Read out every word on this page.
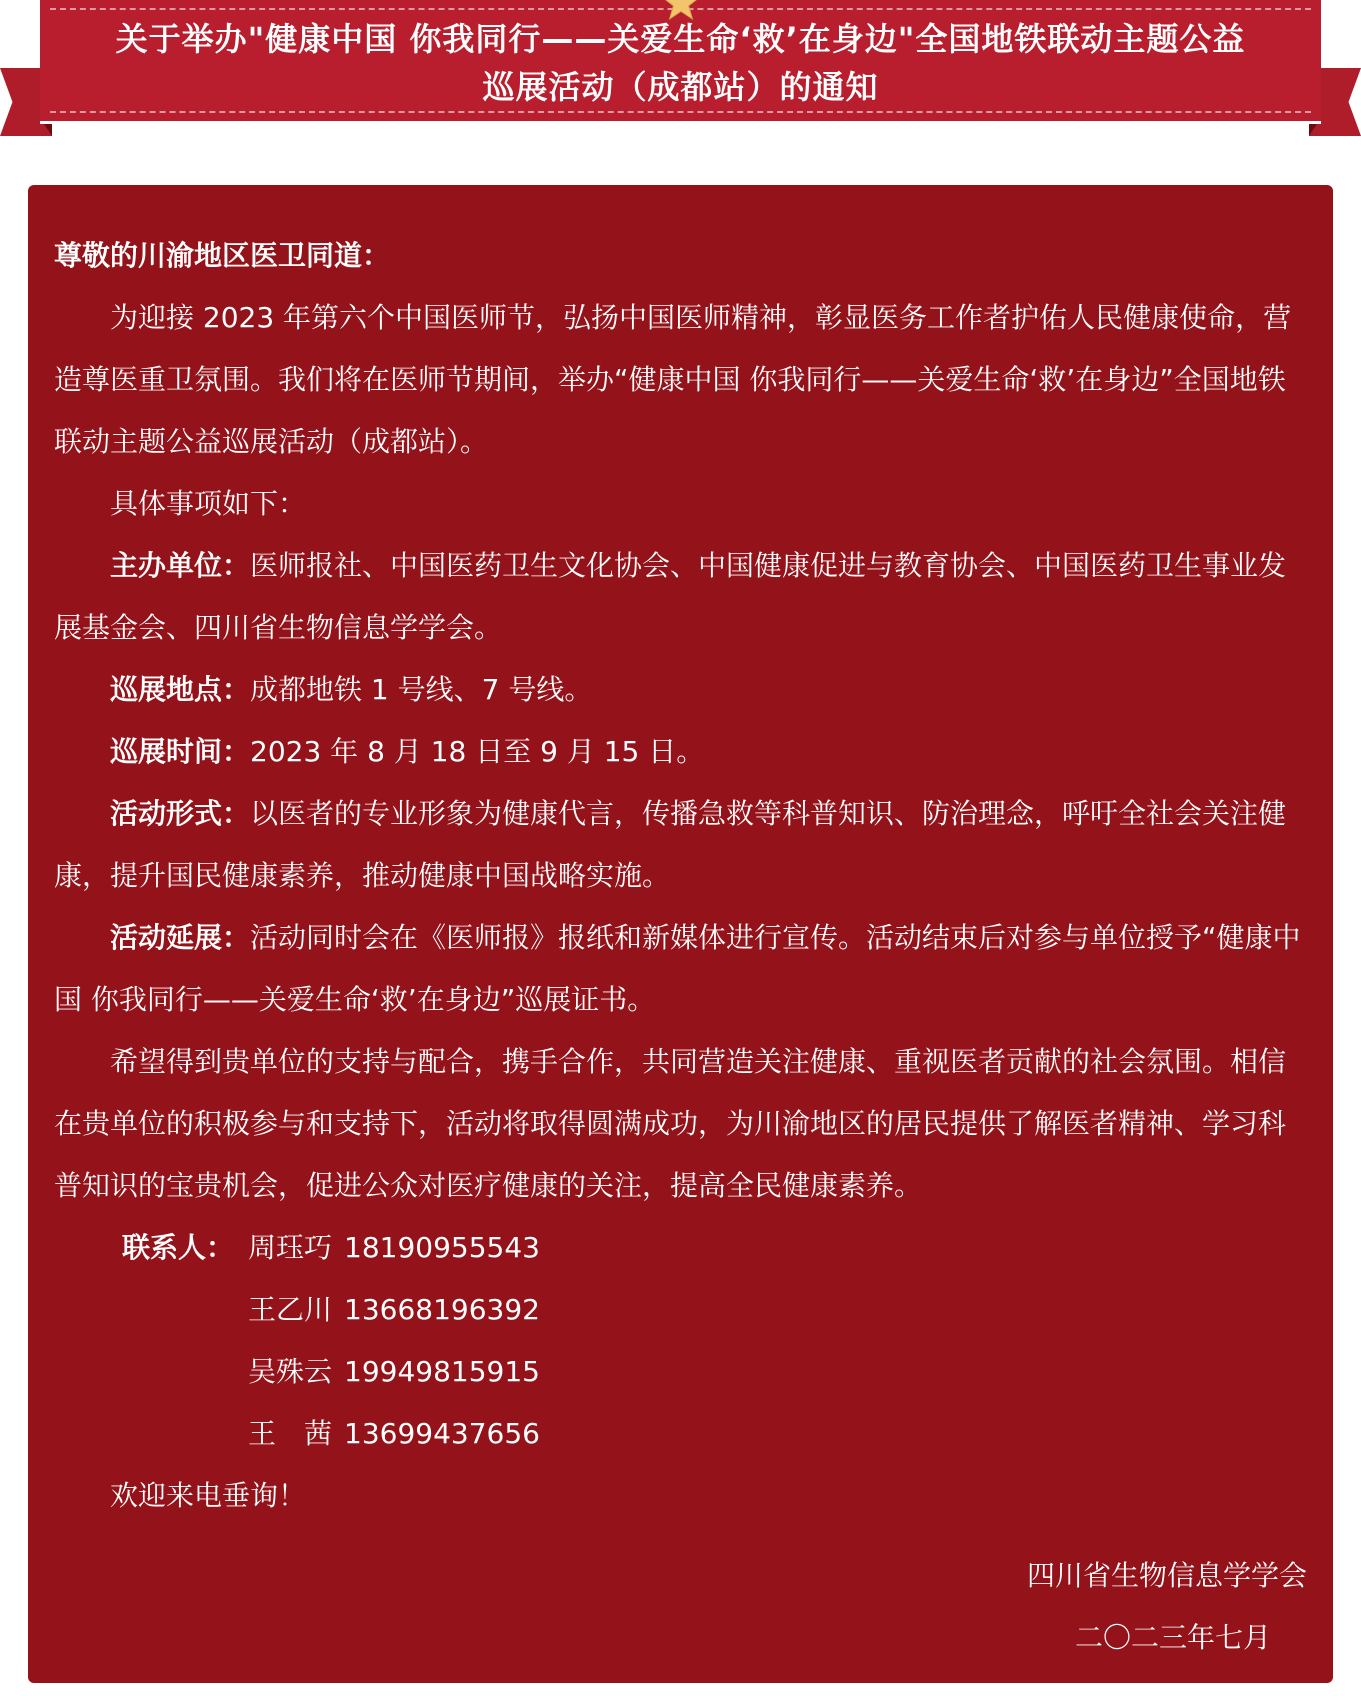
关于举办"健康中国 你我同行——关爱生命‘救’在身边"全国地铁联动主题公益巡展活动（成都站）的通知

尊敬的川渝地区医卫同道：

为迎接 2023 年第六个中国医师节，弘扬中国医师精神，彰显医务工作者护佑人民健康使命，营造尊医重卫氛围。我们将在医师节期间，举办“健康中国 你我同行——关爱生命‘救’在身边”全国地铁联动主题公益巡展活动（成都站）。

具体事项如下：

主办单位：医师报社、中国医药卫生文化协会、中国健康促进与教育协会、中国医药卫生事业发展基金会、四川省生物信息学学会。

巡展地点：成都地铁 1 号线、7 号线。

巡展时间：2023 年 8 月 18 日至 9 月 15 日。

活动形式：以医者的专业形象为健康代言，传播急救等科普知识、防治理念，呼吁全社会关注健康，提升国民健康素养，推动健康中国战略实施。

活动延展：活动同时会在《医师报》报纸和新媒体进行宣传。活动结束后对参与单位授予“健康中国 你我同行——关爱生命‘救’在身边”巡展证书。

希望得到贵单位的支持与配合，携手合作，共同营造关注健康、重视医者贡献的社会氛围。相信在贵单位的积极参与和支持下，活动将取得圆满成功，为川渝地区的居民提供了解医者精神、学习科普知识的宝贵机会，促进公众对医疗健康的关注，提高全民健康素养。

联系人： 周珏巧 18190955543
王乙川 13668196392
吴殊云 19949815915
王　茜 13699437656

欢迎来电垂询！

四川省生物信息学学会

二〇二三年七月
